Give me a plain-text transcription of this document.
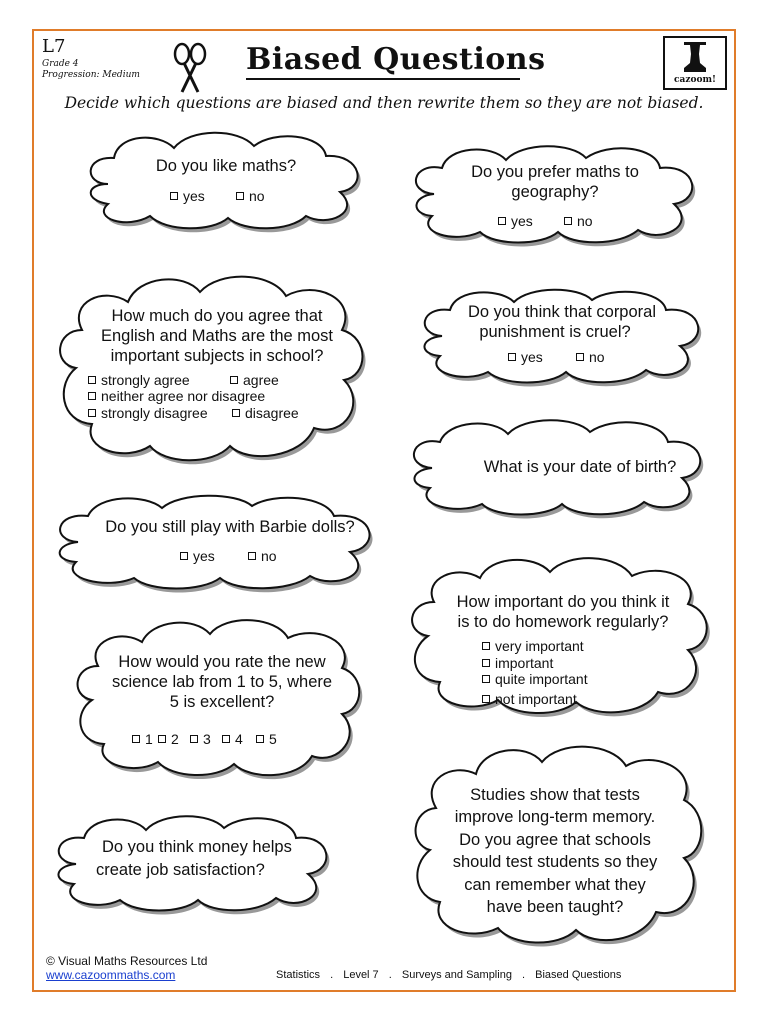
L7
Grade 4
Progression: Medium	Biased Questions
cazoom!
Decide which questions are biased and then rewrite them so they are not biased.
Do you like maths?
yes	no
Do you prefer maths to
geography?
yes	no
How much do you agree that
English and Maths are the most
important subjects in school?
strongly agree	agree
neither agree nor disagree
strongly disagree	disagree
Do you think that corporal
punishment is cruel?
yes	no
What is your date of birth?
Do you still play with Barbie dolls?
yes	no
How important do you think it
is to do homework regularly?
very important
important
quite important
not important
How would you rate the new
science lab from 1 to 5, where
5 is excellent?
1	2	3	4	5
Studies show that tests
improve long-term memory.
Do you agree that schools
should test students so they
can remember what they
have been taught?
Do you think money helps
create job satisfaction?
© Visual Maths Resources Ltd
www.cazoommaths.com	Statistics . Level 7 . Surveys and Sampling . Biased Questions
